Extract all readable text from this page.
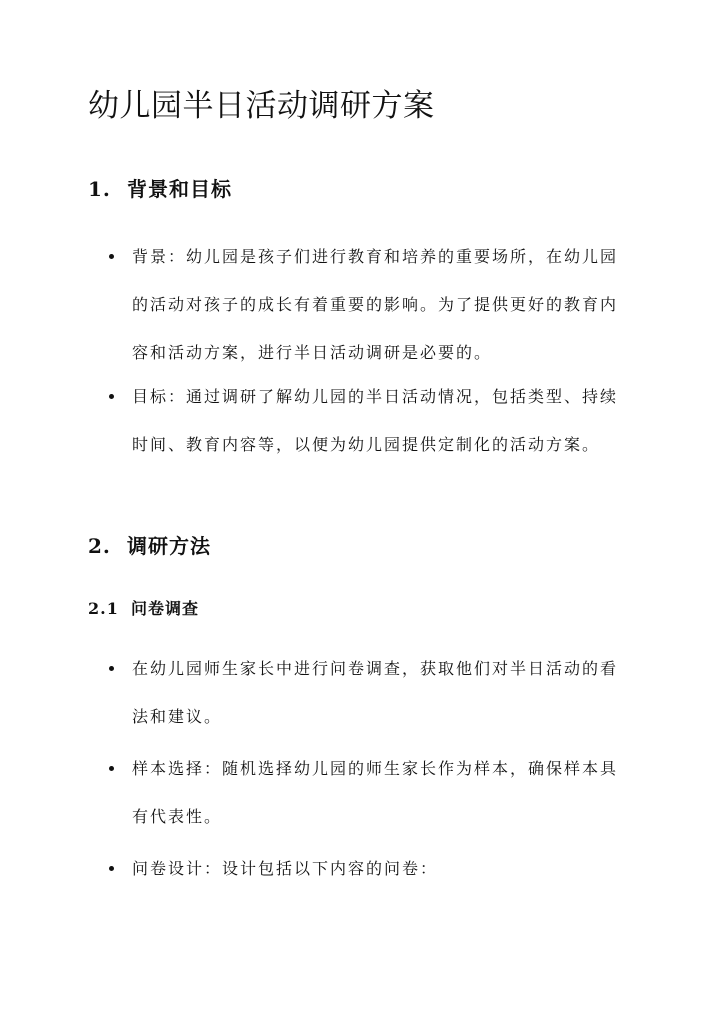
幼儿园半日活动调研方案
1. 背景和目标
背景：幼儿园是孩子们进行教育和培养的重要场所，在幼儿园的活动对孩子的成长有着重要的影响。为了提供更好的教育内容和活动方案，进行半日活动调研是必要的。
目标：通过调研了解幼儿园的半日活动情况，包括类型、持续时间、教育内容等，以便为幼儿园提供定制化的活动方案。
2. 调研方法
2.1 问卷调查
在幼儿园师生家长中进行问卷调查，获取他们对半日活动的看法和建议。
样本选择：随机选择幼儿园的师生家长作为样本，确保样本具有代表性。
问卷设计：设计包括以下内容的问卷：
